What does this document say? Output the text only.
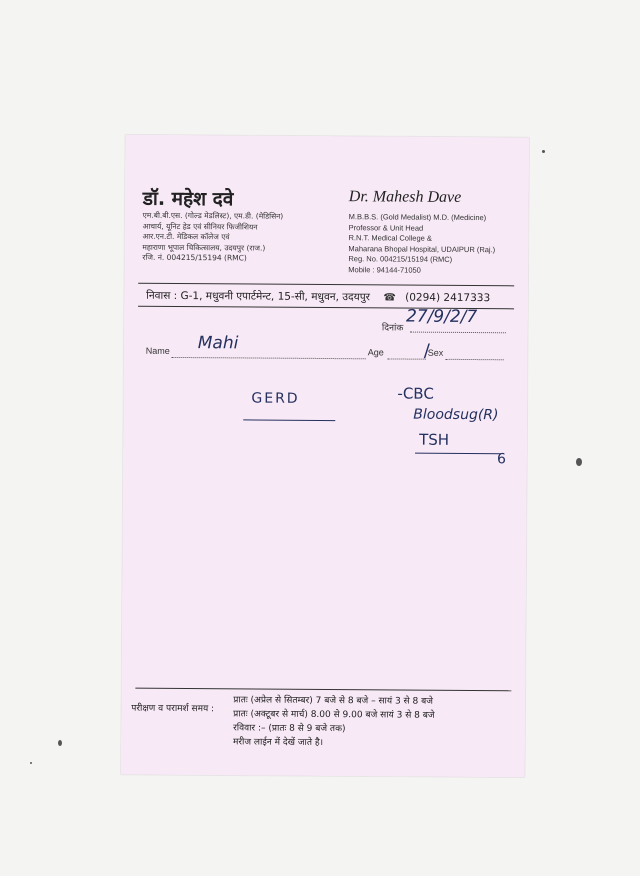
डॉ. महेश दवे	Dr. Mahesh Dave
एम.बी.बी.एस. (गोल्ड मेडलिस्ट), एम.डी. (मेडिसिन)
आचार्य, यूनिट हेड एवं सीनियर फिजीशियन
आर.एन.टी. मेडिकल कॉलेज एवं
महाराणा भूपाल चिकित्सालय, उदयपुर (राज.)
रजि. नं. 004215/15194 (RMC)
M.B.B.S. (Gold Medalist) M.D. (Medicine)
Professor & Unit Head
R.N.T. Medical College &
Maharana Bhopal Hospital, UDAIPUR (Raj.)
Reg. No. 004215/15194 (RMC)
Mobile : 94144-71050
निवास : G-1, मधुवनी एपार्टमेन्ट, 15-सी, मधुवन, उदयपुर ☎ (0294) 2417333
दिनांक
27/9/2/7
Name Mahi	Age	Sex
/
GERD	-CBC
Bloodsug(R)
TSH
6
परीक्षण व परामर्श समय :
प्रातः (अप्रेल से सितम्बर) 7 बजे से 8 बजे – सायं 3 से 8 बजे
प्रातः (अक्टूबर से मार्च) 8.00 से 9.00 बजे सायं 3 से 8 बजे
रविवार :– (प्रातः 8 से 9 बजे तक)
मरीज लाईन में देखें जाते है।
